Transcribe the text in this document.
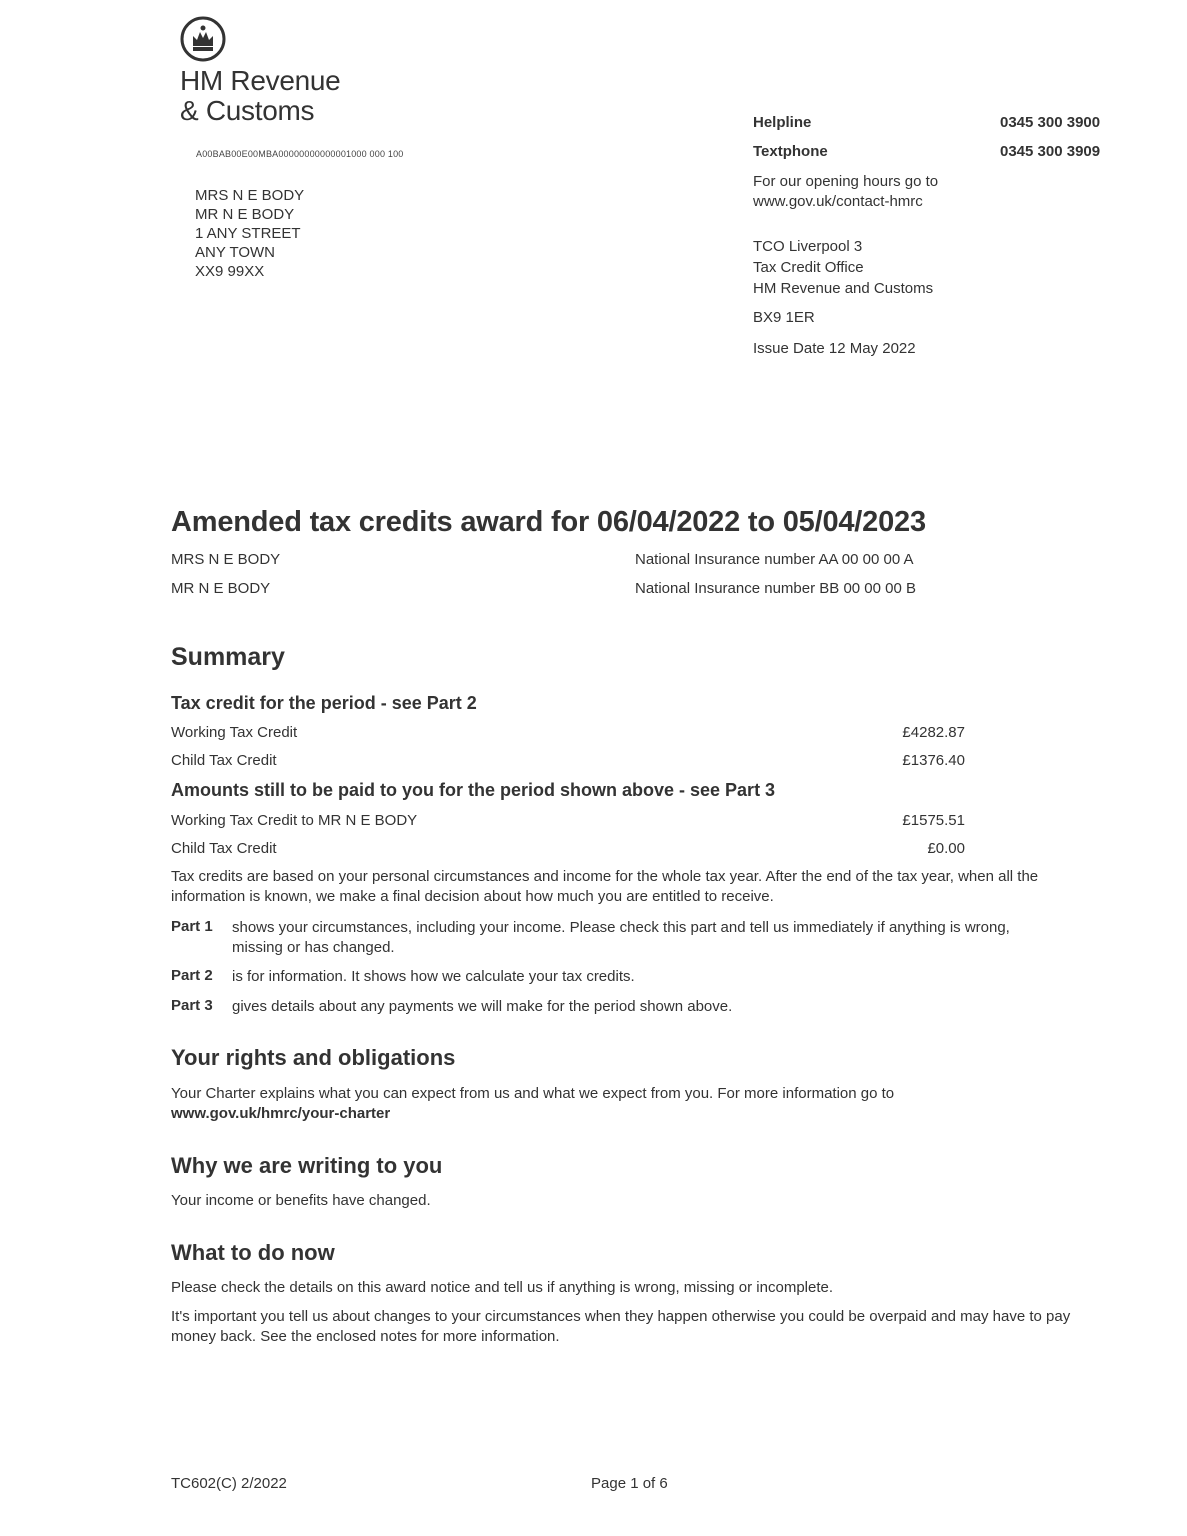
HM Revenue
& Customs
A00BAB00E00MBA00000000000001000 000 100
MRS N E BODY
MR N E BODY
1 ANY STREET
ANY TOWN
XX9 99XX
Helpline	0345 300 3900
Textphone	0345 300 3909
For our opening hours go to
www.gov.uk/contact-hmrc
TCO Liverpool 3
Tax Credit Office
HM Revenue and Customs
BX9 1ER
Issue Date 12 May 2022
Amended tax credits award for 06/04/2022 to 05/04/2023
MRS N E BODY	National Insurance number AA 00 00 00 A
MR N E BODY	National Insurance number BB 00 00 00 B
Summary
Tax credit for the period - see Part 2
Working Tax Credit	£4282.87
Child Tax Credit	£1376.40
Amounts still to be paid to you for the period shown above - see Part 3
Working Tax Credit to MR N E BODY	£1575.51
Child Tax Credit	£0.00
Tax credits are based on your personal circumstances and income for the whole tax year. After the end of the tax year, when all the information is known, we make a final decision about how much you are entitled to receive.
Part 1 shows your circumstances, including your income. Please check this part and tell us immediately if anything is wrong, missing or has changed.
Part 2 is for information. It shows how we calculate your tax credits.
Part 3 gives details about any payments we will make for the period shown above.
Your rights and obligations
Your Charter explains what you can expect from us and what we expect from you. For more information go to
www.gov.uk/hmrc/your-charter
Why we are writing to you
Your income or benefits have changed.
What to do now
Please check the details on this award notice and tell us if anything is wrong, missing or incomplete.
It's important you tell us about changes to your circumstances when they happen otherwise you could be overpaid and may have to pay money back. See the enclosed notes for more information.
TC602(C) 2/2022	Page 1 of 6
